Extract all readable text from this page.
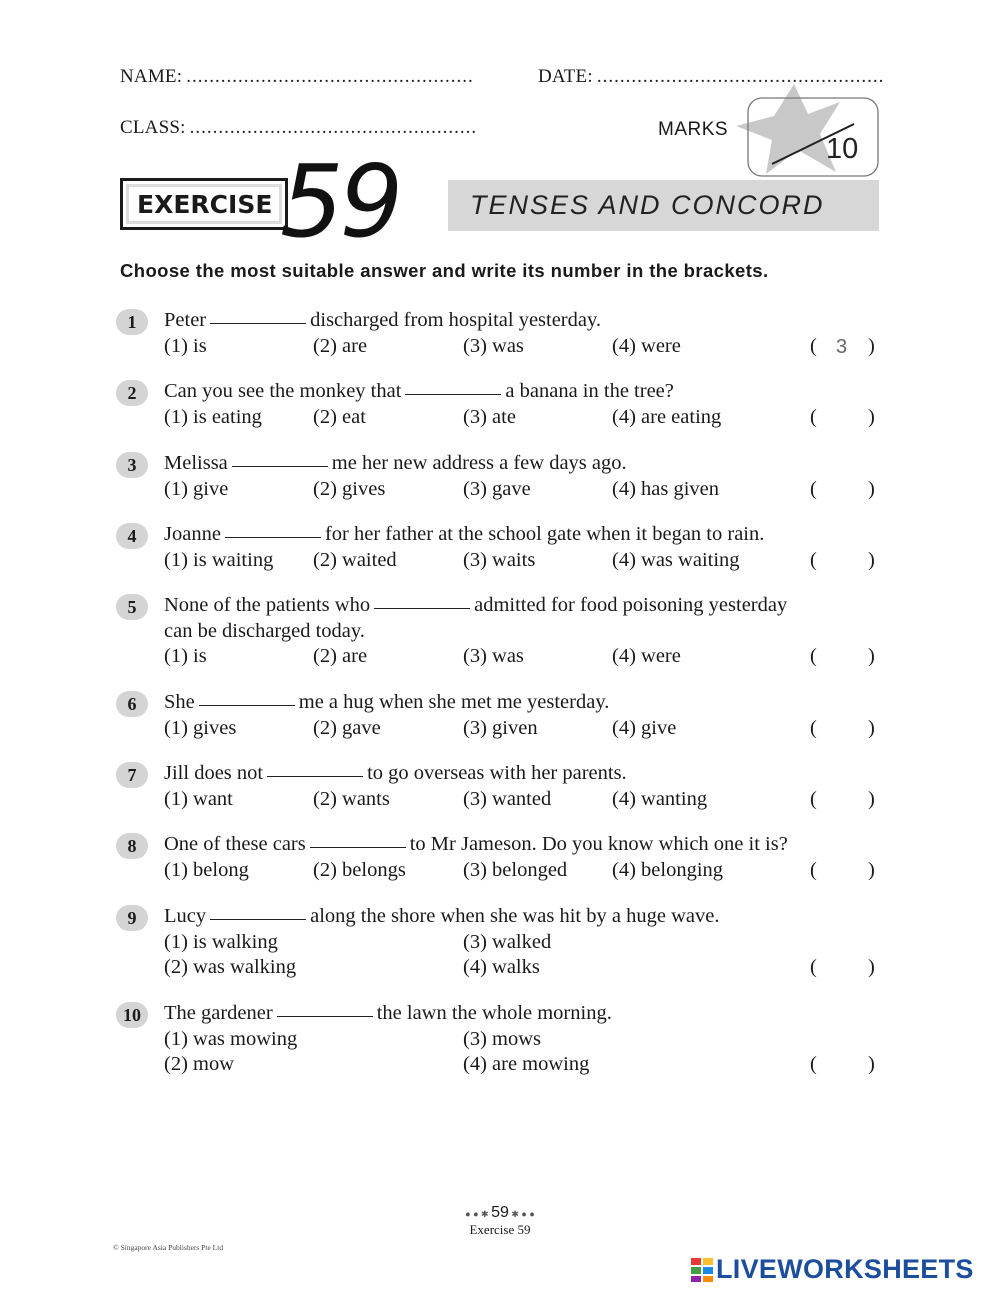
NAME: ..................................................	DATE: ..................................................
CLASS: ..................................................	MARKS
10
EXERCISE 59	TENSES AND CONCORD
Choose the most suitable answer and write its number in the brackets.
1	Peter	discharged from hospital yesterday.
(1) is	(2) are	(3) was	(4) were	( 3 )
2	Can you see the monkey that	a banana in the tree?
(1) is eating (2) eat	(3) ate	(4) are eating	( )
3	Melissa	me her new address a few days ago.
(1) give	(2) gives	(3) gave	(4) has given	( )
4	Joanne	for her father at the school gate when it began to rain.
(1) is waiting (2) waited	(3) waits	(4) was waiting	( )
5	None of the patients who	admitted for food poisoning yesterday
can be discharged today.
(1) is	(2) are	(3) was	(4) were	( )
6	She	me a hug when she met me yesterday.
(1) gives	(2) gave	(3) given	(4) give	( )
7	Jill does not	to go overseas with her parents.
(1) want	(2) wants	(3) wanted	(4) wanting	( )
8	One of these cars	to Mr Jameson. Do you know which one it is?
(1) belong	(2) belongs	(3) belonged (4) belonging	( )
9	Lucy	along the shore when she was hit by a huge wave.
(1) is walking	(3) walked
(2) was walking	(4) walks	( )
10	The gardener	the lawn the whole morning.
(1) was mowing	(3) mows
(2) mow	(4) are mowing	( )
● ● ✱ 59 ✱ ● ●
Exercise 59
© Singapore Asia Publishers Pte Ltd
LIVEWORKSHEETS
